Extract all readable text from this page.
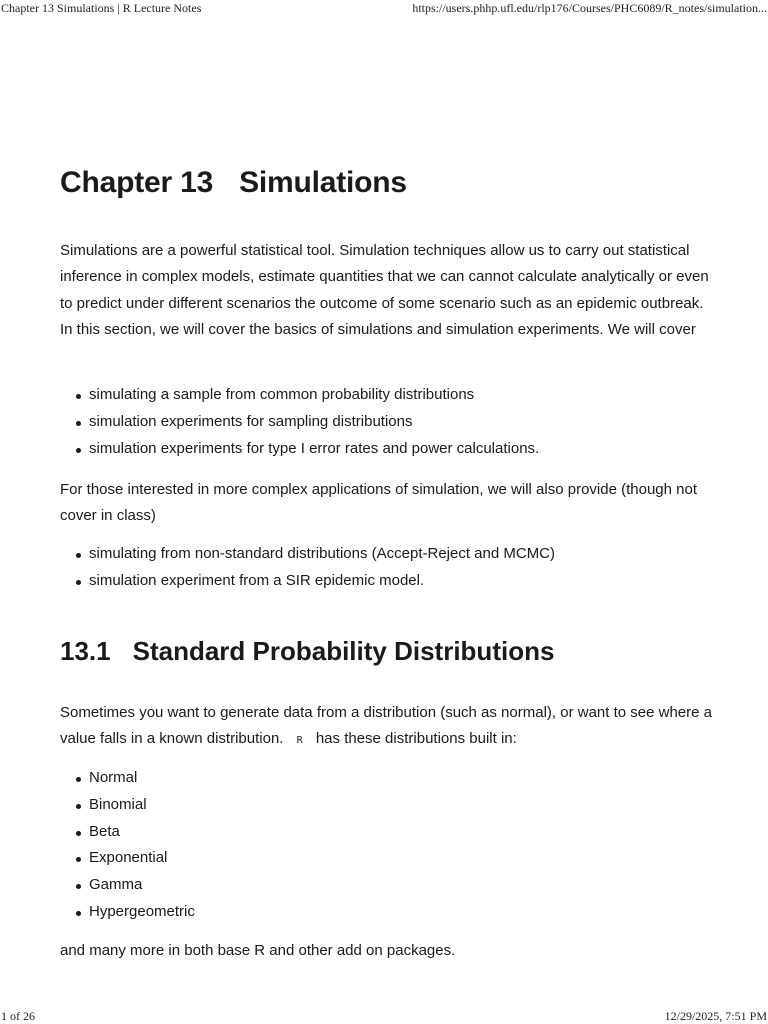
Chapter 13 Simulations | R Lecture Notes	https://users.phhp.ufl.edu/rlp176/Courses/PHC6089/R_notes/simulation...
Chapter 13 Simulations

Simulations are a powerful statistical tool. Simulation techniques allow us to carry out statistical inference in complex models, estimate quantities that we can cannot calculate analytically or even to predict under different scenarios the outcome of some scenario such as an epidemic outbreak. In this section, we will cover the basics of simulations and simulation experiments. We will cover

simulating a sample from common probability distributions
simulation experiments for sampling distributions
simulation experiments for type I error rates and power calculations.

For those interested in more complex applications of simulation, we will also provide (though not cover in class)

simulating from non-standard distributions (Accept-Reject and MCMC)
simulation experiment from a SIR epidemic model.
13.1 Standard Probability Distributions

Sometimes you want to generate data from a distribution (such as normal), or want to see where a value falls in a known distribution. R has these distributions built in:

Normal
Binomial
Beta
Exponential
Gamma
Hypergeometric

and many more in both base R and other add on packages.

1 of 26	12/29/2025, 7:51 PM
